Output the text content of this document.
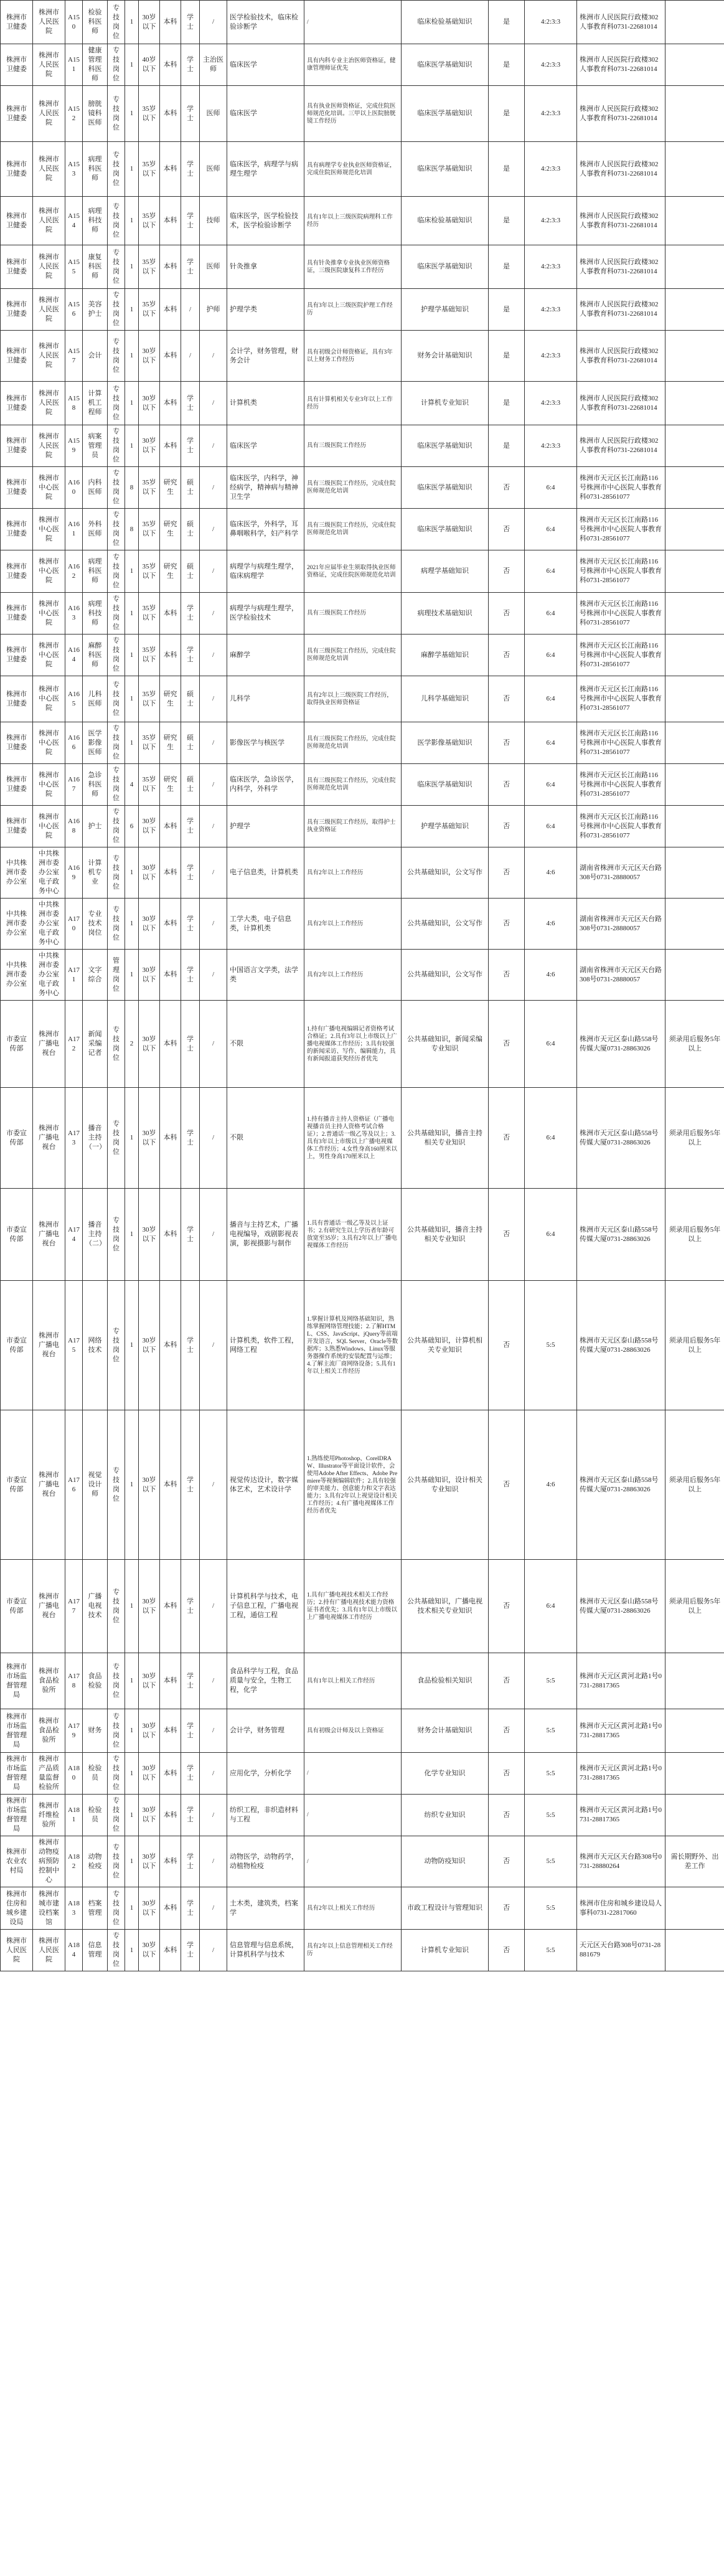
株洲市卫健委	株洲市人民医院	A150	检验科医师	专技岗位	1	30岁以下	本科	学士	/	医学检验技术，临床检验诊断学	/	临床检验基础知识	是	4:2:3:3	株洲市人民医院行政楼302人事教育科0731-22681014	
株洲市卫健委	株洲市人民医院	A151	健康管理科医师	专技岗位	1	40岁以下	本科	学士	主治医师	临床医学	具有内科专业主治医师资格证，健康管理师证优先	临床医学基础知识	是	4:2:3:3	株洲市人民医院行政楼302人事教育科0731-22681014	
株洲市卫健委	株洲市人民医院	A152	膀胱镜科医师	专技岗位	1	35岁以下	本科	学士	医师	临床医学	具有执业医师资格证，完成住院医师规范化培训。三甲以上医院膀胱镜工作经历	临床医学基础知识	是	4:2:3:3	株洲市人民医院行政楼302人事教育科0731-22681014	
株洲市卫健委	株洲市人民医院	A153	病理科医师	专技岗位	1	35岁以下	本科	学士	医师	临床医学，病理学与病理生理学	具有病理学专业执业医师资格证，完成住院医师规范化培训	临床医学基础知识	是	4:2:3:3	株洲市人民医院行政楼302人事教育科0731-22681014	
株洲市卫健委	株洲市人民医院	A154	病理科技师	专技岗位	1	35岁以下	本科	学士	技师	临床医学，医学检验技术，医学检验诊断学	具有1年以上三级医院病理科工作经历	临床检验基础知识	是	4:2:3:3	株洲市人民医院行政楼302人事教育科0731-22681014	
株洲市卫健委	株洲市人民医院	A155	康复科医师	专技岗位	1	35岁以下	本科	学士	医师	针灸推拿	具有针灸推拿专业执业医师资格证，三级医院康复科工作经历	临床医学基础知识	是	4:2:3:3	株洲市人民医院行政楼302人事教育科0731-22681014	
株洲市卫健委	株洲市人民医院	A156	美容护士	专技岗位	1	35岁以下	本科	/	护师	护理学类	具有3年以上三级医院护理工作经历	护理学基础知识	是	4:2:3:3	株洲市人民医院行政楼302人事教育科0731-22681014	
株洲市卫健委	株洲市人民医院	A157	会计	专技岗位	1	30岁以下	本科	/	/	会计学，财务管理，财务会计	具有初级会计师资格证，具有3年以上财务工作经历	财务会计基础知识	是	4:2:3:3	株洲市人民医院行政楼302人事教育科0731-22681014	
株洲市卫健委	株洲市人民医院	A158	计算机工程师	专技岗位	1	30岁以下	本科	学士	/	计算机类	具有计算机相关专业3年以上工作经历	计算机专业知识	是	4:2:3:3	株洲市人民医院行政楼302人事教育科0731-22681014	
株洲市卫健委	株洲市人民医院	A159	病案管理员	专技岗位	1	30岁以下	本科	学士	/	临床医学	具有三级医院工作经历	临床医学基础知识	是	4:2:3:3	株洲市人民医院行政楼302人事教育科0731-22681014	
株洲市卫健委	株洲市中心医院	A160	内科医师	专技岗位	8	35岁以下	研究生	硕士	/	临床医学，内科学，神经病学，精神病与精神卫生学	具有三级医院工作经历，完成住院医师规范化培训	临床医学基础知识	否	6:4	株洲市天元区长江南路116号株洲市中心医院人事教育科0731-28561077	
株洲市卫健委	株洲市中心医院	A161	外科医师	专技岗位	8	35岁以下	研究生	硕士	/	临床医学，外科学，耳鼻咽喉科学，妇产科学	具有三级医院工作经历，完成住院医师规范化培训	临床医学基础知识	否	6:4	株洲市天元区长江南路116号株洲市中心医院人事教育科0731-28561077	
株洲市卫健委	株洲市中心医院	A162	病理科医师	专技岗位	1	35岁以下	研究生	硕士	/	病理学与病理生理学，临床病理学	2021年应届毕业生须取得执业医师资格证，完成住院医师规范化培训	病理学基础知识	否	6:4	株洲市天元区长江南路116号株洲市中心医院人事教育科0731-28561077	
株洲市卫健委	株洲市中心医院	A163	病理科技师	专技岗位	1	35岁以下	本科	学士	/	病理学与病理生理学，医学检验技术	具有三级医院工作经历	病理技术基础知识	否	6:4	株洲市天元区长江南路116号株洲市中心医院人事教育科0731-28561077	
株洲市卫健委	株洲市中心医院	A164	麻醉科医师	专技岗位	1	35岁以下	本科	学士	/	麻醉学	具有三级医院工作经历，完成住院医师规范化培训	麻醉学基础知识	否	6:4	株洲市天元区长江南路116号株洲市中心医院人事教育科0731-28561077	
株洲市卫健委	株洲市中心医院	A165	儿科医师	专技岗位	1	35岁以下	研究生	硕士	/	儿科学	具有2年以上三级医院工作经历，取得执业医师资格证	儿科学基础知识	否	6:4	株洲市天元区长江南路116号株洲市中心医院人事教育科0731-28561077	
株洲市卫健委	株洲市中心医院	A166	医学影像医师	专技岗位	1	35岁以下	研究生	硕士	/	影像医学与核医学	具有三级医院工作经历，完成住院医师规范化培训	医学影像基础知识	否	6:4	株洲市天元区长江南路116号株洲市中心医院人事教育科0731-28561077	
株洲市卫健委	株洲市中心医院	A167	急诊科医师	专技岗位	4	35岁以下	研究生	硕士	/	临床医学，急诊医学，内科学，外科学	具有三级医院工作经历，完成住院医师规范化培训	临床医学基础知识	否	6:4	株洲市天元区长江南路116号株洲市中心医院人事教育科0731-28561077	
株洲市卫健委	株洲市中心医院	A168	护士	专技岗位	6	30岁以下	本科	学士	/	护理学	具有三级医院工作经历，取得护士执业资格证	护理学基础知识	否	6:4	株洲市天元区长江南路116号株洲市中心医院人事教育科0731-28561077	
中共株洲市委办公室	中共株洲市委办公室电子政务中心	A169	计算机专业	专技岗位	1	30岁以下	本科	学士	/	电子信息类，计算机类	具有2年以上工作经历	公共基础知识，公文写作	否	4:6	湖南省株洲市天元区天台路308号0731-28880057	
中共株洲市委办公室	中共株洲市委办公室电子政务中心	A170	专业技术岗位	专技岗位	1	30岁以下	本科	学士	/	工学大类，电子信息类，计算机类	具有2年以上工作经历	公共基础知识，公文写作	否	4:6	湖南省株洲市天元区天台路308号0731-28880057	
中共株洲市委办公室	中共株洲市委办公室电子政务中心	A171	文字综合	管理岗位	1	30岁以下	本科	学士	/	中国语言文学类，法学类	具有2年以上工作经历	公共基础知识，公文写作	否	4:6	湖南省株洲市天元区天台路308号0731-28880057	
市委宣传部	株洲市广播电视台	A172	新闻采编记者	专技岗位	2	30岁以下	本科	学士	/	不限	1.持有广播电视编辑记者资格考试合格证；2.具有3年以上市级以上广播电视媒体工作经历；3.具有较强的新闻采访、写作、编辑能力，具有新闻报道获奖经历者优先	公共基础知识，新闻采编专业知识	否	6:4	株洲市天元区泰山路558号传媒大厦0731-28863026	须录用后服务5年以上
市委宣传部	株洲市广播电视台	A173	播音主持（一）	专技岗位	1	30岁以下	本科	学士	/	不限	1.持有播音主持人资格证（广播电视播音员主持人资格考试合格证）；2.普通话一级乙等及以上；3.具有3年以上市级以上广播电视媒体工作经历；4.女性身高160厘米以上，男性身高170厘米以上	公共基础知识，播音主持相关专业知识	否	6:4	株洲市天元区泰山路558号传媒大厦0731-28863026	须录用后服务5年以上
市委宣传部	株洲市广播电视台	A174	播音主持（二）	专技岗位	1	30岁以下	本科	学士	/	播音与主持艺术，广播电视编导，戏剧影视表演，影视摄影与制作	1.具有普通话一级乙等及以上证书；2.有研究生以上学历者年龄可放宽至35岁；3.具有2年以上广播电视媒体工作经历	公共基础知识，播音主持相关专业知识	否	6:4	株洲市天元区泰山路558号传媒大厦0731-28863026	须录用后服务5年以上
市委宣传部	株洲市广播电视台	A175	网络技术	专技岗位	1	30岁以下	本科	学士	/	计算机类，软件工程，网络工程	1.掌握计算机及网络基础知识，熟练掌握网络管理技能；2.了解HTML、CSS、JavaScript、jQuery等前端开发语言，SQL Server、Oracle等数据库；3.熟悉Windows、Linux等服务器操作系统的安装配置与运维；4.了解主流厂商网络设备；5.具有1年以上相关工作经历	公共基础知识，计算机相关专业知识	否	5:5	株洲市天元区泰山路558号传媒大厦0731-28863026	须录用后服务5年以上
市委宣传部	株洲市广播电视台	A176	视觉设计师	专技岗位	1	30岁以下	本科	学士	/	视觉传达设计，数字媒体艺术，艺术设计学	1.熟练使用Photoshop、CorelDRAW、Illustrator等平面设计软件，会使用Adobe After Effects、Adobe Premiere等视频编辑软件；2.具有较强的审美能力、创意能力和文字表达能力；3.具有2年以上视觉设计相关工作经历；4.有广播电视媒体工作经历者优先	公共基础知识，设计相关专业知识	否	4:6	株洲市天元区泰山路558号传媒大厦0731-28863026	须录用后服务5年以上
市委宣传部	株洲市广播电视台	A177	广播电视技术	专技岗位	1	30岁以下	本科	学士	/	计算机科学与技术，电子信息工程，广播电视工程，通信工程	1.具有广播电视技术相关工作经历；2.持有广播电视技术能力资格证书者优先；3.具有1年以上市级以上广播电视媒体工作经历	公共基础知识，广播电视技术相关专业知识	否	6:4	株洲市天元区泰山路558号传媒大厦0731-28863026	须录用后服务5年以上
株洲市市场监督管理局	株洲市食品检验所	A178	食品检验	专技岗位	1	30岁以下	本科	学士	/	食品科学与工程，食品质量与安全，生物工程，化学	具有1年以上相关工作经历	食品检验相关知识	否	5:5	株洲市天元区黄河北路1号0731-28817365	
株洲市市场监督管理局	株洲市食品检验所	A179	财务	专技岗位	1	30岁以下	本科	学士	/	会计学，财务管理	具有初级会计师及以上资格证	财务会计基础知识	否	5:5	株洲市天元区黄河北路1号0731-28817365	
株洲市市场监督管理局	株洲市产品质量监督检验所	A180	检验员	专技岗位	1	30岁以下	本科	学士	/	应用化学，分析化学	/	化学专业知识	否	5:5	株洲市天元区黄河北路1号0731-28817365	
株洲市市场监督管理局	株洲市纤维检验所	A181	检验员	专技岗位	1	30岁以下	本科	学士	/	纺织工程，非织造材料与工程	/	纺织专业知识	否	5:5	株洲市天元区黄河北路1号0731-28817365	
株洲市农业农村局	株洲市动物疫病预防控制中心	A182	动物检疫	专技岗位	1	30岁以下	本科	学士	/	动物医学，动物药学，动植物检疫	/	动物防疫知识	否	5:5	株洲市天元区天台路308号0731-28880264	需长期野外、出差工作
株洲市住房和城乡建设局	株洲市城市建设档案馆	A183	档案管理	专技岗位	1	30岁以下	本科	学士	/	土木类，建筑类，档案学	具有2年以上相关工作经历	市政工程设计与管理知识	否	5:5	株洲市住房和城乡建设局人事科0731-22817060	
株洲市人民医院	株洲市人民医院	A184	信息管理	专技岗位	1	30岁以下	本科	学士	/	信息管理与信息系统，计算机科学与技术	具有2年以上信息管理相关工作经历	计算机专业知识	否	5:5	天元区天台路308号0731-28881679	
